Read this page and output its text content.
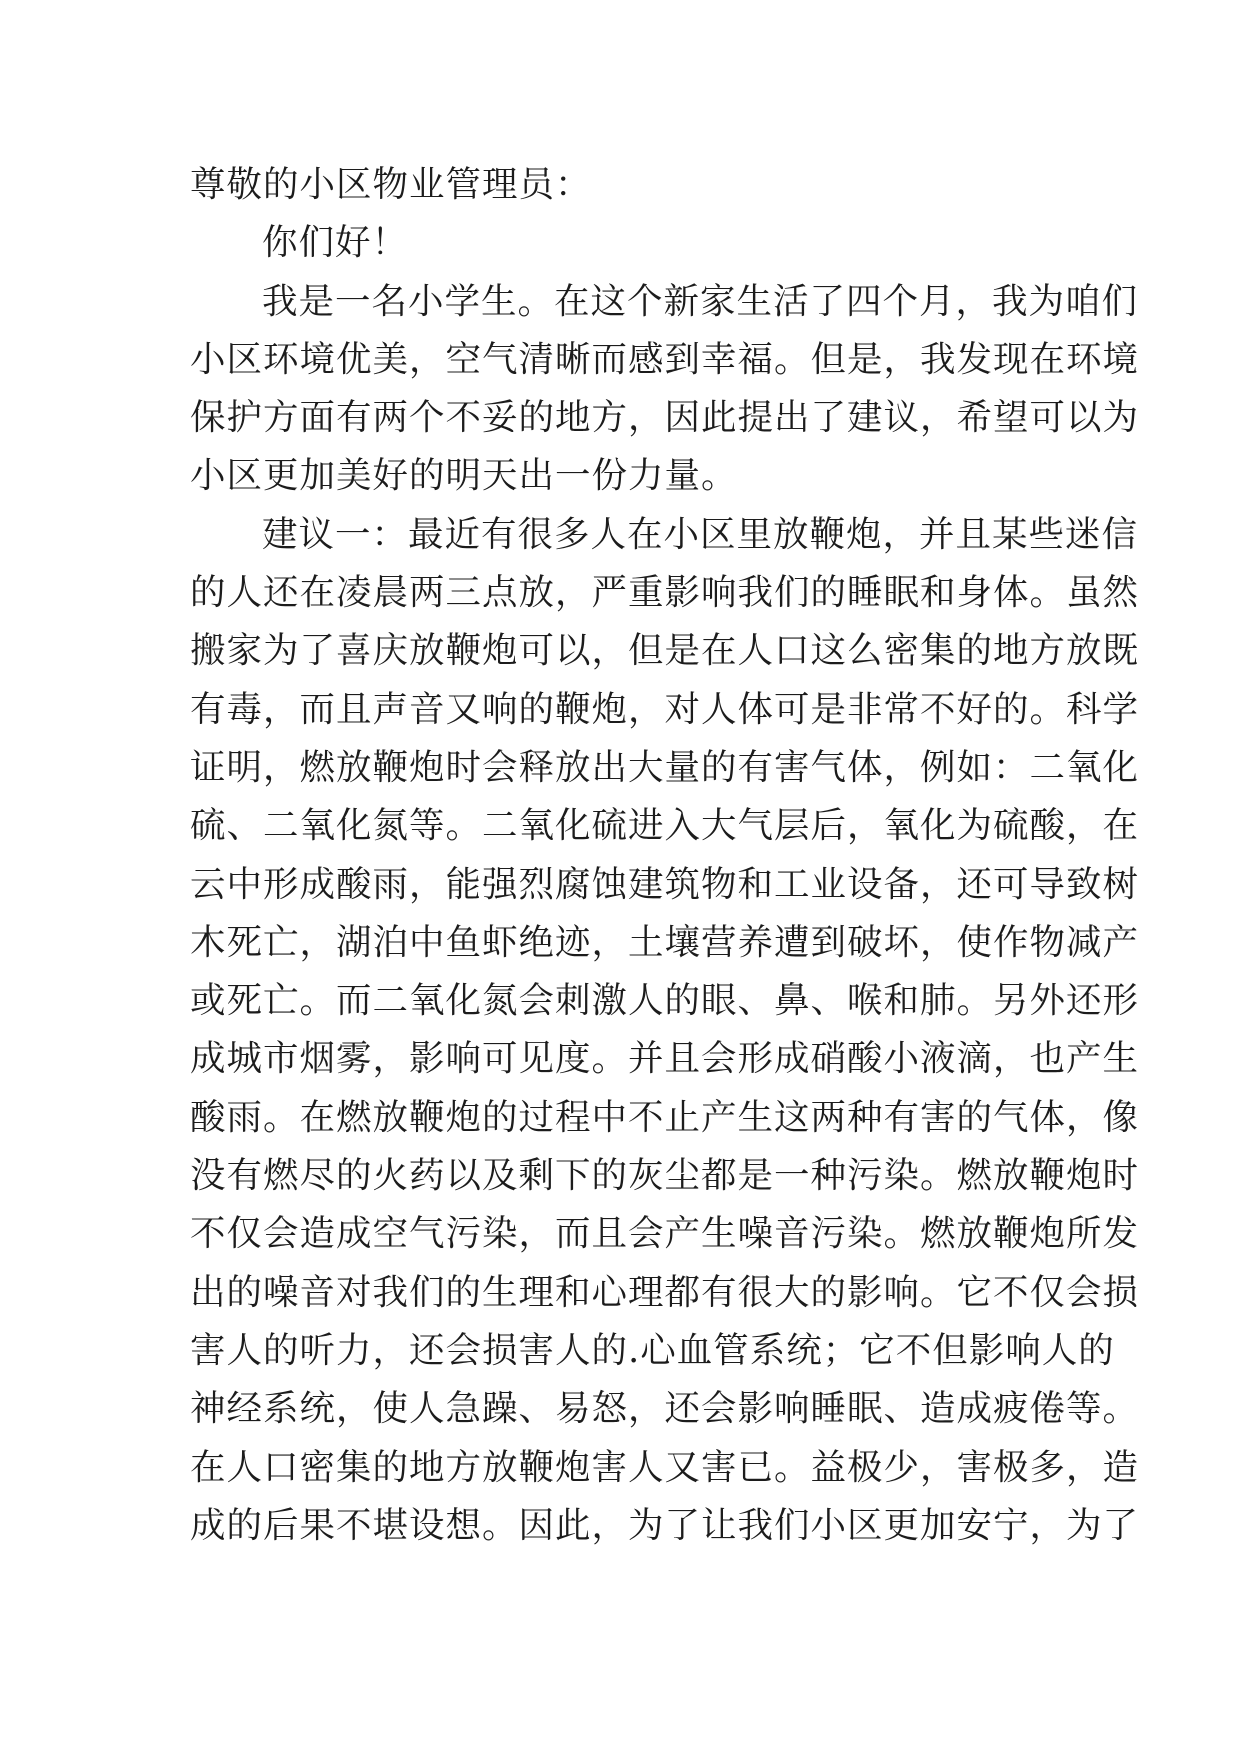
尊敬的小区物业管理员：
你们好！
我是一名小学生。在这个新家生活了四个月，我为咱们
小区环境优美，空气清晰而感到幸福。但是，我发现在环境
保护方面有两个不妥的地方，因此提出了建议，希望可以为
小区更加美好的明天出一份力量。
建议一：最近有很多人在小区里放鞭炮，并且某些迷信
的人还在凌晨两三点放，严重影响我们的睡眠和身体。虽然
搬家为了喜庆放鞭炮可以，但是在人口这么密集的地方放既
有毒，而且声音又响的鞭炮，对人体可是非常不好的。科学
证明，燃放鞭炮时会释放出大量的有害气体，例如：二氧化
硫、二氧化氮等。二氧化硫进入大气层后，氧化为硫酸，在
云中形成酸雨，能强烈腐蚀建筑物和工业设备，还可导致树
木死亡，湖泊中鱼虾绝迹，土壤营养遭到破坏，使作物减产
或死亡。而二氧化氮会刺激人的眼、鼻、喉和肺。另外还形
成城市烟雾，影响可见度。并且会形成硝酸小液滴，也产生
酸雨。在燃放鞭炮的过程中不止产生这两种有害的气体，像
没有燃尽的火药以及剩下的灰尘都是一种污染。燃放鞭炮时
不仅会造成空气污染，而且会产生噪音污染。燃放鞭炮所发
出的噪音对我们的生理和心理都有很大的影响。它不仅会损
害人的听力，还会损害人的.心血管系统；它不但影响人的
神经系统，使人急躁、易怒，还会影响睡眠、造成疲倦等。
在人口密集的地方放鞭炮害人又害已。益极少，害极多，造
成的后果不堪设想。因此，为了让我们小区更加安宁，为了
